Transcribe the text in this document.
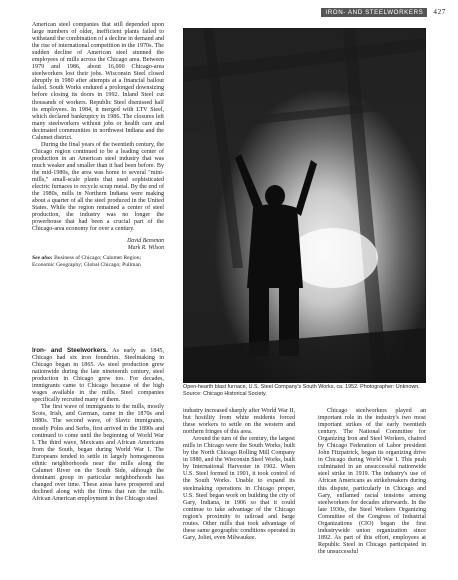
IRON- AND STEELWORKERS	427

American steel companies that still depended upon large numbers of older, inefficient plants failed to withstand the combination of a decline in demand and the rise of international competition in the 1970s. The sudden decline of American steel stunned the employees of mills across the Chicago area. Between 1979 and 1986, about 16,000 Chicago-area steelworkers lost their jobs. Wisconsin Steel closed abruptly in 1980 after attempts at a financial bailout failed. South Works endured a prolonged downsizing before closing its doors in 1992. Inland Steel cut thousands of workers. Republic Steel dismissed half its employees. In 1984, it merged with LTV Steel, which declared bankruptcy in 1986. The closures left many steelworkers without jobs or health care and decimated communities in northwest Indiana and the Calumet district.

During the final years of the twentieth century, the Chicago region continued to be a leading center of production in an American steel industry that was much weaker and smaller than it had been before. By the mid-1980s, the area was home to several "mini-mills," small-scale plants that used sophisticated electric furnaces to recycle scrap metal. By the end of the 1980s, mills in Northern Indiana were making about a quarter of all the steel produced in the United States. While the region remained a center of steel production, the industry was no longer the powerhouse that had been a crucial part of the Chicago-area economy for over a century.

David Bensman
Mark R. Wilson
See also: Business of Chicago; Calumet Region; Economic Geography; Global Chicago; Pullman

Iron- and Steelworkers. As early as 1845, Chicago had six iron foundries. Steelmaking in Chicago began in 1865. As steel production grew nationwide during the late nineteenth century, steel production in Chicago grew too. For decades, immigrants came to Chicago because of the high wages available in the mills. Steel companies specifically recruited many of them.

The first wave of immigrants to the mills, mostly Scots, Irish, and German, came in the 1870s and 1880s. The second wave, of Slavic immigrants, mostly Poles and Serbs, first arrived in the 1890s and continued to come until the beginning of World War I. The third wave, Mexicans and African Americans from the South, began during World War I. The Europeans tended to settle in largely homogeneous ethnic neighborhoods near the mills along the Calumet River on the South Side, although the dominant group in particular neighborhoods has changed over time. These areas have prospered and declined along with the firms that ran the mills. African American employment in the Chicago steel

Open-hearth blast furnace, U.S. Steel Company's South Works, ca. 1952. Photographer: Unknown. Source: Chicago Historical Society.

industry increased sharply after World War II, but hostility from white residents forced these workers to settle on the western and northern fringes of this area.

Around the turn of the century, the largest mills in Chicago were the South Works, built by the North Chicago Rolling Mill Company in 1880, and the Wisconsin Steel Works, built by International Harvester in 1902. When U.S. Steel formed in 1901, it took control of the South Works. Unable to expand its steelmaking operations in Chicago proper, U.S. Steel began work on building the city of Gary, Indiana, in 1906 so that it could continue to take advantage of the Chicago region's proximity to railroad and barge routes. Other mills that took advantage of these same geographic conditions operated in Gary, Joliet, even Milwaukee.

Chicago steelworkers played an important role in the industry's two most important strikes of the early twentieth century. The National Committee for Organizing Iron and Steel Workers, chaired by Chicago Federation of Labor president John Fitzpatrick, began its organizing drive in Chicago during World War I. This push culminated in an unsuccessful nationwide steel strike in 1919. The industry's use of African Americans as strikebreakers during this dispute, particularly in Chicago and Gary, enflamed racial tensions among steelworkers for decades afterwards. In the late 1930s, the Steel Workers Organizing Committee of the Congress of Industrial Organizations (CIO) began the first industrywide union organization since 1892. As part of this effort, employees at Republic Steel in Chicago participated in the unsuccessful
